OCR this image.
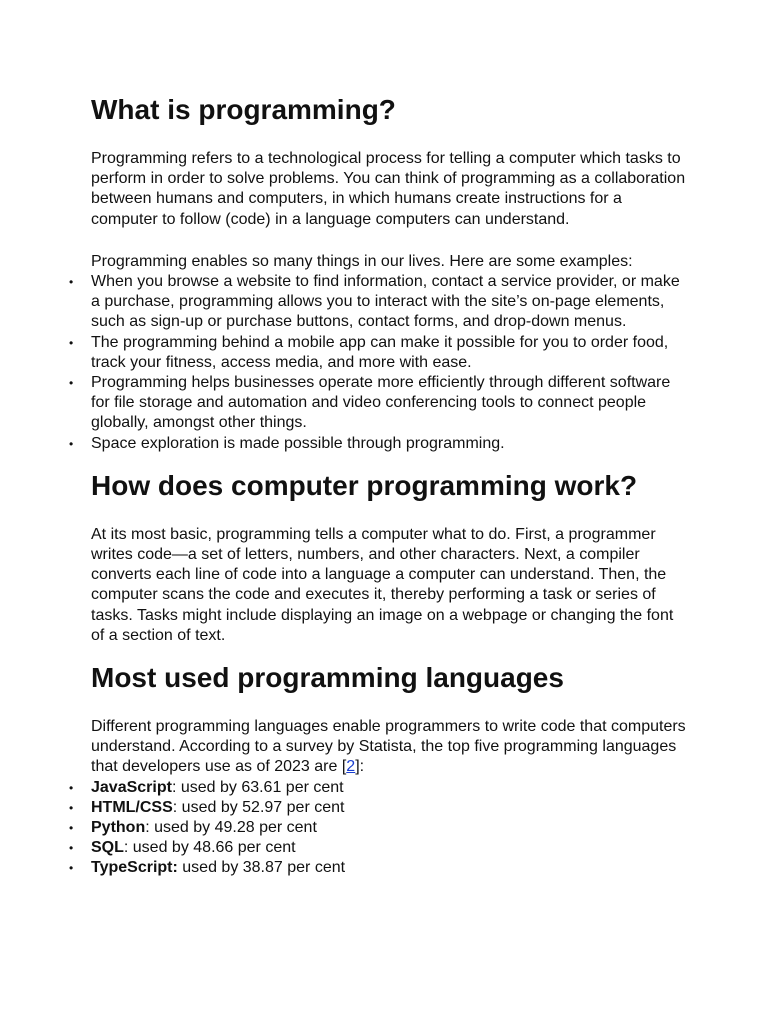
What is programming?

Programming refers to a technological process for telling a computer which tasks to perform in order to solve problems. You can think of programming as a collaboration between humans and computers, in which humans create instructions for a computer to follow (code) in a language computers can understand.

Programming enables so many things in our lives. Here are some examples:

• When you browse a website to find information, contact a service provider, or make a purchase, programming allows you to interact with the site’s on-page elements, such as sign-up or purchase buttons, contact forms, and drop-down menus.
• The programming behind a mobile app can make it possible for you to order food, track your fitness, access media, and more with ease.
• Programming helps businesses operate more efficiently through different software for file storage and automation and video conferencing tools to connect people globally, amongst other things.
• Space exploration is made possible through programming.
How does computer programming work?

At its most basic, programming tells a computer what to do. First, a programmer writes code—a set of letters, numbers, and other characters. Next, a compiler converts each line of code into a language a computer can understand. Then, the computer scans the code and executes it, thereby performing a task or series of tasks. Tasks might include displaying an image on a webpage or changing the font of a section of text.

Most used programming languages

Different programming languages enable programmers to write code that computers understand. According to a survey by Statista, the top five programming languages that developers use as of 2023 are [2]:

• JavaScript: used by 63.61 per cent
• HTML/CSS: used by 52.97 per cent
• Python: used by 49.28 per cent
• SQL: used by 48.66 per cent
• TypeScript: used by 38.87 per cent
